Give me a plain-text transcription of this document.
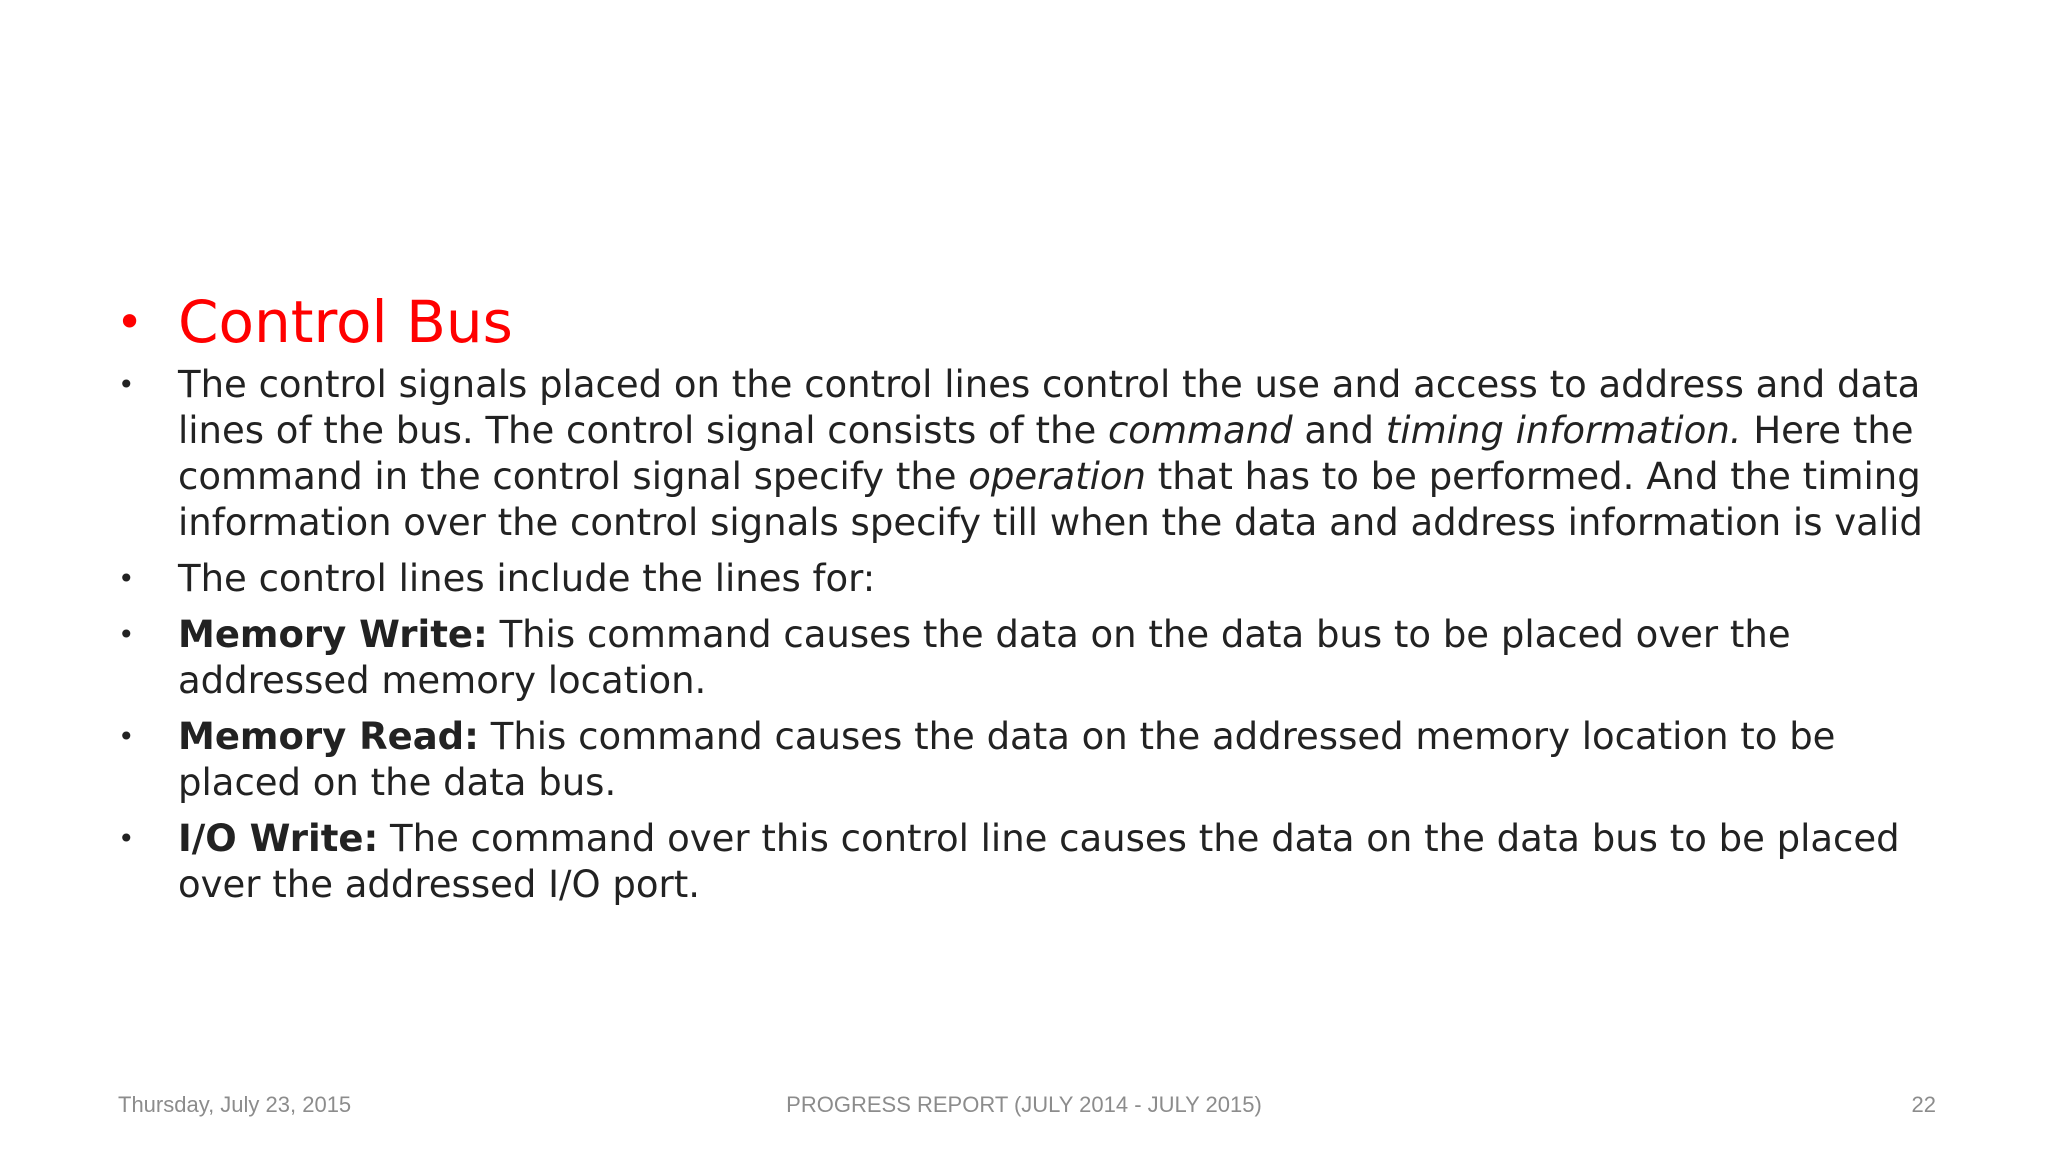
• Control Bus
• The control signals placed on the control lines control the use and access to address and data lines of the bus. The control signal consists of the command and timing information. Here the command in the control signal specify the operation that has to be performed. And the timing information over the control signals specify till when the data and address information is valid
• The control lines include the lines for:
• Memory Write: This command causes the data on the data bus to be placed over the addressed memory location.
• Memory Read: This command causes the data on the addressed memory location to be placed on the data bus.
• I/O Write: The command over this control line causes the data on the data bus to be placed over the addressed I/O port.
Thursday, July 23, 2015	PROGRESS REPORT (JULY 2014 - JULY 2015)	22
